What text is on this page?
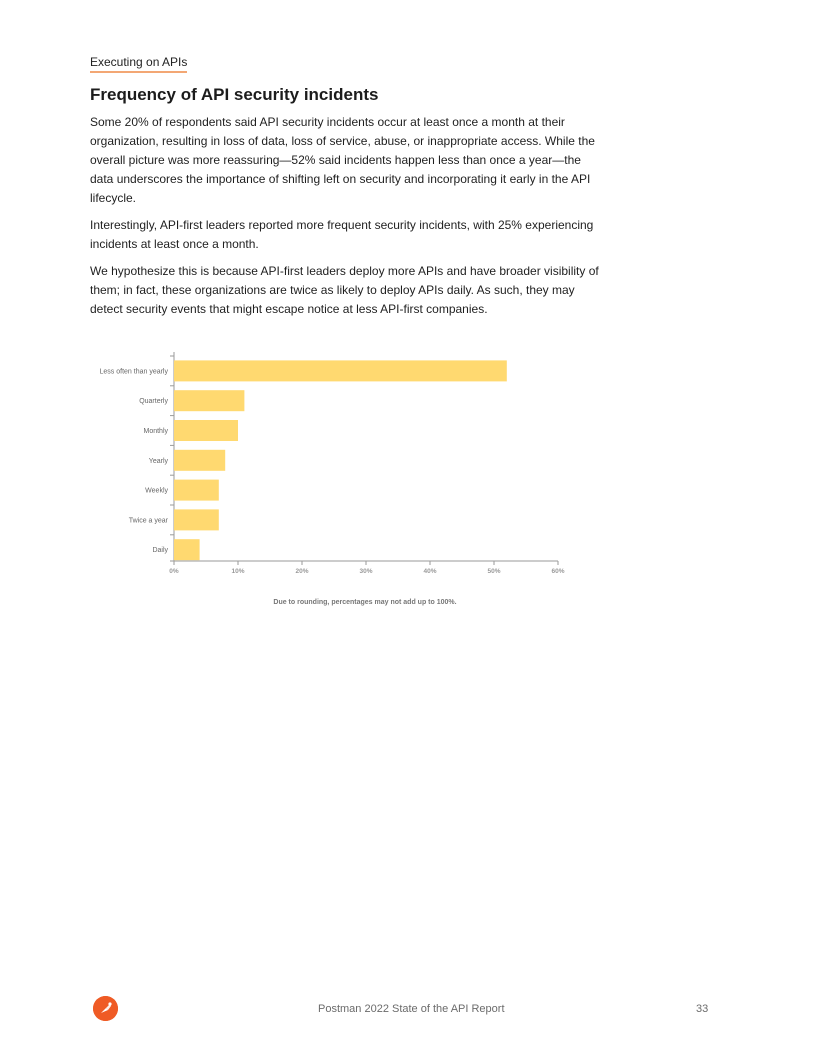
Executing on APIs
Frequency of API security incidents

Some 20% of respondents said API security incidents occur at least once a month at their organization, resulting in loss of data, loss of service, abuse, or inappropriate access. While the overall picture was more reassuring—52% said incidents happen less than once a year—the data underscores the importance of shifting left on security and incorporating it early in the API lifecycle.

Interestingly, API-first leaders reported more frequent security incidents, with 25% experiencing incidents at least once a month.

We hypothesize this is because API-first leaders deploy more APIs and have broader visibility of them; in fact, these organizations are twice as likely to deploy APIs daily. As such, they may detect security events that might escape notice at less API-first companies.

Less often than yearly
Quarterly
Monthly
Yearly
Weekly
Twice a year
Daily
0%	10%	20%	30%	40%	50%	60%
Due to rounding, percentages may not add up to 100%.
Postman 2022 State of the API Report	33
